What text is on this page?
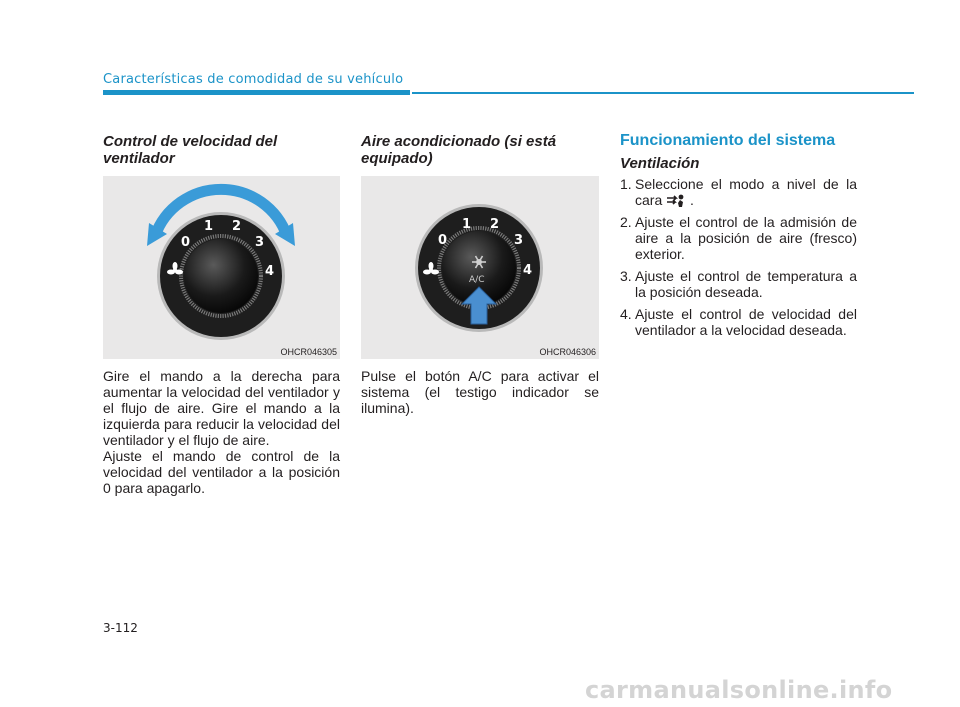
Características de comodidad de su vehículo
Control de velocidad del ventilador
0
1 2
3
4
OHCR046305

Gire el mando a la derecha para aumentar la velocidad del ventilador y el flujo de aire. Gire el mando a la izquierda para reducir la velocidad del ventilador y el flujo de aire.

Ajuste el mando de control de la velocidad del ventilador a la posición 0 para apagarlo.

Aire acondicionado (si está equipado)
0
1 2
3
4
A/C
OHCR046306

Pulse el botón A/C para activar el sistema (el testigo indicador se ilumina).

Funcionamiento del sistema
Ventilación
1. Seleccione el modo a nivel de la cara .
2. Ajuste el control de la admisión de aire a la posición de aire (fresco) exterior.
3. Ajuste el control de temperatura a la posición deseada.
4. Ajuste el control de velocidad del ventilador a la velocidad deseada.
3-112
carmanualsonline.info
